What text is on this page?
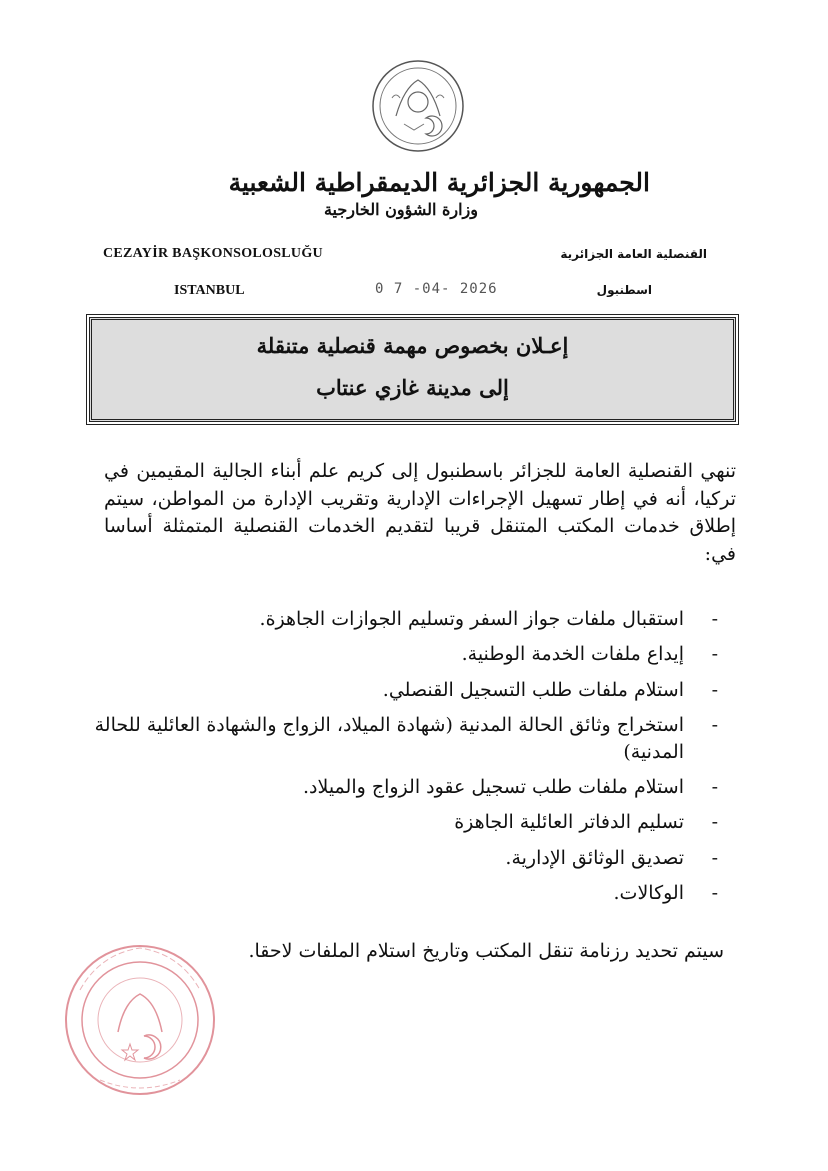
الجمهورية الجزائرية الديمقراطية الشعبية
وزارة الشؤون الخارجية
CEZAYİR BAŞKONSOLOSLUĞU
ISTANBUL
القنصلية العامة الجزائرية
اسطنبول
0 7 -04- 2026
إعـلان بخصوص مهمة قنصلية متنقلة
إلى مدينة غازي عنتاب
تنهي القنصلية العامة للجزائر باسطنبول إلى كريم علم أبناء الجالية المقيمين في تركيا، أنه في إطار تسهيل الإجراءات الإدارية وتقريب الإدارة من المواطن، سيتم إطلاق خدمات المكتب المتنقل قريبا لتقديم الخدمات القنصلية المتمثلة أساسا في:
-
استقبال ملفات جواز السفر وتسليم الجوازات الجاهزة.
-
إيداع ملفات الخدمة الوطنية.
-
استلام ملفات طلب التسجيل القنصلي.
-
استخراج وثائق الحالة المدنية (شهادة الميلاد، الزواج والشهادة العائلية للحالة المدنية)
-
استلام ملفات طلب تسجيل عقود الزواج والميلاد.
-
تسليم الدفاتر العائلية الجاهزة
-
تصديق الوثائق الإدارية.
-
الوكالات.
سيتم تحديد رزنامة تنقل المكتب وتاريخ استلام الملفات لاحقا.
